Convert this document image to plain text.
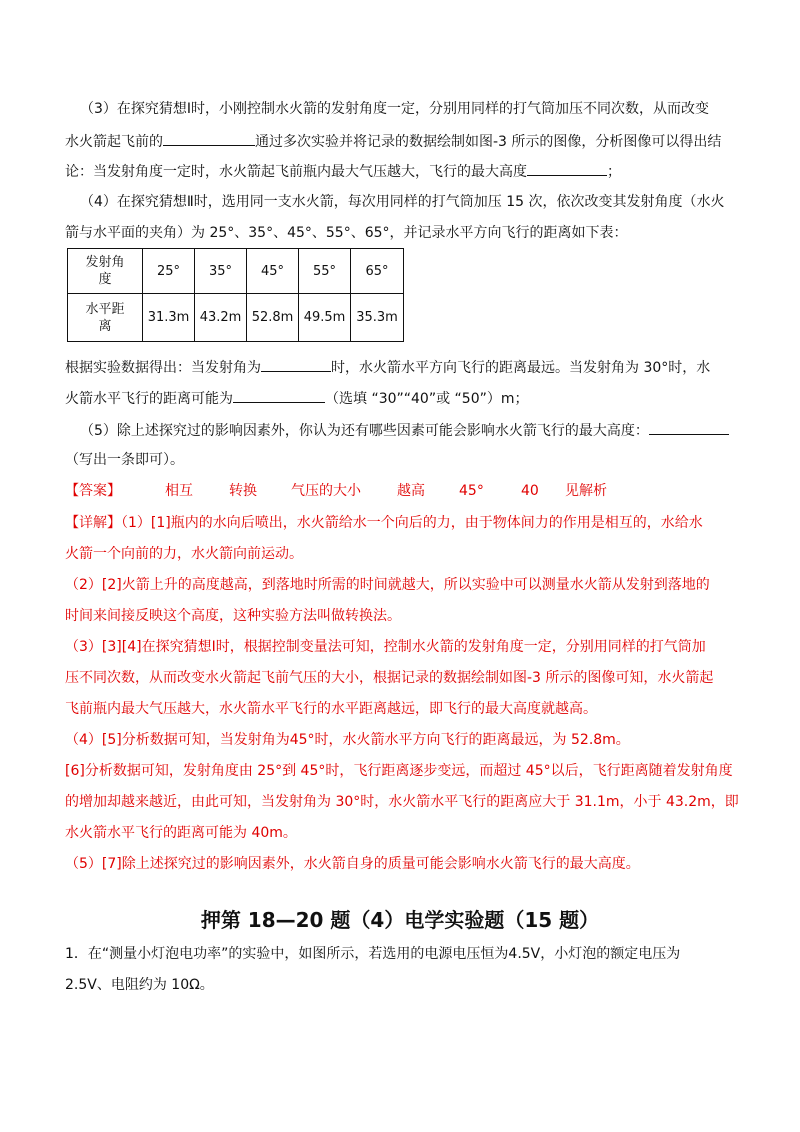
（3）在探究猜想Ⅰ时，小刚控制水火箭的发射角度一定，分别用同样的打气筒加压不同次数，从而改变
水火箭起飞前的	通过多次实验并将记录的数据绘制如图-3 所示的图像，分析图像可以得出结
论：当发射角度一定时，水火箭起飞前瓶内最大气压越大，飞行的最大高度	；
（4）在探究猜想Ⅱ时，选用同一支水火箭，每次用同样的打气筒加压 15 次，依次改变其发射角度（水火
箭与水平面的夹角）为 25°、35°、45°、55°、65°，并记录水平方向飞行的距离如下表：
发射角
度	25°	35°	45°	55°	65°

水平距
离	31.3m	43.2m	52.8m	49.5m	35.3m
根据实验数据得出：当发射角为	时，水火箭水平方向飞行的距离最远。当发射角为 30°时，水
火箭水平飞行的距离可能为	（选填 “30”“40”或 “50”）m；
（5）除上述探究过的影响因素外，你认为还有哪些因素可能会影响水火箭飞行的最大高度：
（写出一条即可）。
【答案】	相互	转换 气压的大小	越高 45°	40 见解析
【详解】（1）[1]瓶内的水向后喷出，水火箭给水一个向后的力，由于物体间力的作用是相互的，水给水
火箭一个向前的力，水火箭向前运动。
（2）[2]火箭上升的高度越高，到落地时所需的时间就越大，所以实验中可以测量水火箭从发射到落地的
时间来间接反映这个高度，这种实验方法叫做转换法。
（3）[3][4]在探究猜想Ⅰ时，根据控制变量法可知，控制水火箭的发射角度一定，分别用同样的打气筒加
压不同次数，从而改变水火箭起飞前气压的大小，根据记录的数据绘制如图-3 所示的图像可知，水火箭起
飞前瓶内最大气压越大，水火箭水平飞行的水平距离越远，即飞行的最大高度就越高。
（4）[5]分析数据可知，当发射角为45°时，水火箭水平方向飞行的距离最远，为 52.8m。
[6]分析数据可知，发射角度由 25°到 45°时，飞行距离逐步变远，而超过 45°以后，飞行距离随着发射角度
的增加却越来越近，由此可知，当发射角为 30°时，水火箭水平飞行的距离应大于 31.1m，小于 43.2m，即
水火箭水平飞行的距离可能为 40m。
（5）[7]除上述探究过的影响因素外，水火箭自身的质量可能会影响水火箭飞行的最大高度。
押第 18—20 题（4）电学实验题（15 题）
1．在“测量小灯泡电功率”的实验中，如图所示，若选用的电源电压恒为4.5V，小灯泡的额定电压为
2.5V、电阻约为 10Ω。
